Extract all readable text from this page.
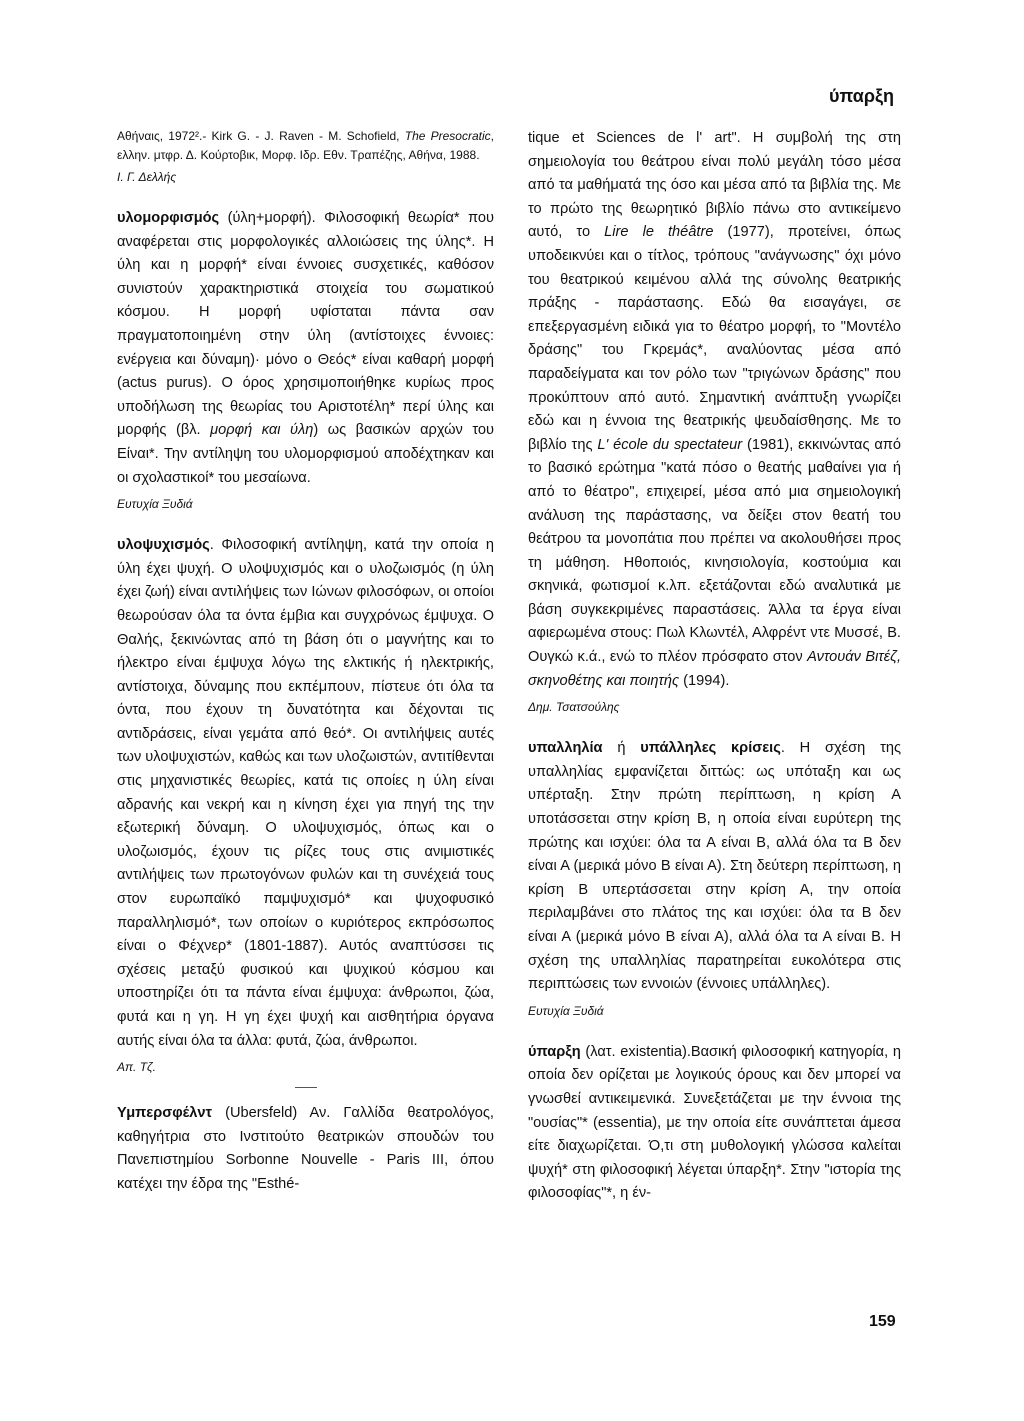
ύπαρξη

Αθήναις, 1972².- Kirk G. - J. Raven - M. Schofield, The Presocratic, ελλην. μτφρ. Δ. Κούρτοβικ, Μορφ. Ιδρ. Εθν. Τραπέζης, Αθήνα, 1988.

Ι. Γ. Δελλής

υλομορφισμός (ύλη+μορφή). Φιλοσοφική θεωρία* που αναφέρεται στις μορφολογικές αλλοιώσεις της ύλης*. Η ύλη και η μορφή* είναι έννοιες συσχετικές, καθόσον συνιστούν χαρακτηριστικά στοιχεία του σωματικού κόσμου. Η μορφή υφίσταται πάντα σαν πραγματοποιημένη στην ύλη (αντίστοιχες έννοιες: ενέργεια και δύναμη)· μόνο ο Θεός* είναι καθαρή μορφή (actus purus). Ο όρος χρησιμοποιήθηκε κυρίως προς υποδήλωση της θεωρίας του Αριστοτέλη* περί ύλης και μορφής (βλ. μορφή και ύλη) ως βασικών αρχών του Είναι*. Την αντίληψη του υλομορφισμού αποδέχτηκαν και οι σχολαστικοί* του μεσαίωνα.

Ευτυχία Ξυδιά

υλοψυχισμός. Φιλοσοφική αντίληψη, κατά την οποία η ύλη έχει ψυχή. Ο υλοψυχισμός και ο υλοζωισμός (η ύλη έχει ζωή) είναι αντιλήψεις των Ιώνων φιλοσόφων, οι οποίοι θεωρούσαν όλα τα όντα έμβια και συγχρόνως έμψυχα. Ο Θαλής, ξεκινώντας από τη βάση ότι ο μαγνήτης και το ήλεκτρο είναι έμψυχα λόγω της ελκτικής ή ηλεκτρικής, αντίστοιχα, δύναμης που εκπέμπουν, πίστευε ότι όλα τα όντα, που έχουν τη δυνατότητα και δέχονται τις αντιδράσεις, είναι γεμάτα από θεό*. Οι αντιλήψεις αυτές των υλοψυχιστών, καθώς και των υλοζωιστών, αντιτίθενται στις μηχανιστικές θεωρίες, κατά τις οποίες η ύλη είναι αδρανής και νεκρή και η κίνηση έχει για πηγή της την εξωτερική δύναμη. Ο υλοψυχισμός, όπως και ο υλοζωισμός, έχουν τις ρίζες τους στις ανιμιστικές αντιλήψεις των πρωτογόνων φυλών και τη συνέχειά τους στον ευρωπαϊκό παμψυχισμό* και ψυχοφυσικό παραλληλισμό*, των οποίων ο κυριότερος εκπρόσωπος είναι ο Φέχνερ* (1801-1887). Αυτός αναπτύσσει τις σχέσεις μεταξύ φυσικού και ψυχικού κόσμου και υποστηρίζει ότι τα πάντα είναι έμψυχα: άνθρωποι, ζώα, φυτά και η γη. Η γη έχει ψυχή και αισθητήρια όργανα αυτής είναι όλα τα άλλα: φυτά, ζώα, άνθρωποι.

Απ. Τζ.

Υμπερσφέλντ (Ubersfeld) Αν. Γαλλίδα θεατρολόγος, καθηγήτρια στο Ινστιτούτο θεατρικών σπουδών του Πανεπιστημίου Sorbonne Nouvelle - Paris III, όπου κατέχει την έδρα της "Esthé-

tique et Sciences de l' art". Η συμβολή της στη σημειολογία του θεάτρου είναι πολύ μεγάλη τόσο μέσα από τα μαθήματά της όσο και μέσα από τα βιβλία της. Με το πρώτο της θεωρητικό βιβλίο πάνω στο αντικείμενο αυτό, το Lire le théâtre (1977), προτείνει, όπως υποδεικνύει και ο τίτλος, τρόπους "ανάγνωσης" όχι μόνο του θεατρικού κειμένου αλλά της σύνολης θεατρικής πράξης - παράστασης. Εδώ θα εισαγάγει, σε επεξεργασμένη ειδικά για το θέατρο μορφή, το "Μοντέλο δράσης" του Γκρεμάς*, αναλύοντας μέσα από παραδείγματα και τον ρόλο των "τριγώνων δράσης" που προκύπτουν από αυτό. Σημαντική ανάπτυξη γνωρίζει εδώ και η έννοια της θεατρικής ψευδαίσθησης. Με το βιβλίο της L' école du spectateur (1981), εκκινώντας από το βασικό ερώτημα "κατά πόσο ο θεατής μαθαίνει για ή από το θέατρο", επιχειρεί, μέσα από μια σημειολογική ανάλυση της παράστασης, να δείξει στον θεατή του θεάτρου τα μονοπάτια που πρέπει να ακολουθήσει προς τη μάθηση. Ηθοποιός, κινησιολογία, κοστούμια και σκηνικά, φωτισμοί κ.λπ. εξετάζονται εδώ αναλυτικά με βάση συγκεκριμένες παραστάσεις. Άλλα τα έργα είναι αφιερωμένα στους: Πωλ Κλωντέλ, Αλφρέντ ντε Μυσσέ, Β. Ουγκώ κ.ά., ενώ το πλέον πρόσφατο στον Αντουάν Βιτέζ, σκηνοθέτης και ποιητής (1994).

Δημ. Τσατσούλης

υπαλληλία ή υπάλληλες κρίσεις. Η σχέση της υπαλληλίας εμφανίζεται διττώς: ως υπόταξη και ως υπέρταξη. Στην πρώτη περίπτωση, η κρίση Α υποτάσσεται στην κρίση Β, η οποία είναι ευρύτερη της πρώτης και ισχύει: όλα τα Α είναι Β, αλλά όλα τα Β δεν είναι Α (μερικά μόνο Β είναι Α). Στη δεύτερη περίπτωση, η κρίση Β υπερτάσσεται στην κρίση Α, την οποία περιλαμβάνει στο πλάτος της και ισχύει: όλα τα Β δεν είναι Α (μερικά μόνο Β είναι Α), αλλά όλα τα Α είναι Β. Η σχέση της υπαλληλίας παρατηρείται ευκολότερα στις περιπτώσεις των εννοιών (έννοιες υπάλληλες).

Ευτυχία Ξυδιά

ύπαρξη (λατ. existentia).Βασική φιλοσοφική κατηγορία, η οποία δεν ορίζεται με λογικούς όρους και δεν μπορεί να γνωσθεί αντικειμενικά. Συνεξετάζεται με την έννοια της "ουσίας"* (essentia), με την οποία είτε συνάπτεται άμεσα είτε διαχωρίζεται. Ό,τι στη μυθολογική γλώσσα καλείται ψυχή* στη φιλοσοφική λέγεται ύπαρξη*. Στην "ιστορία της φιλοσοφίας"*, η έν-

159
